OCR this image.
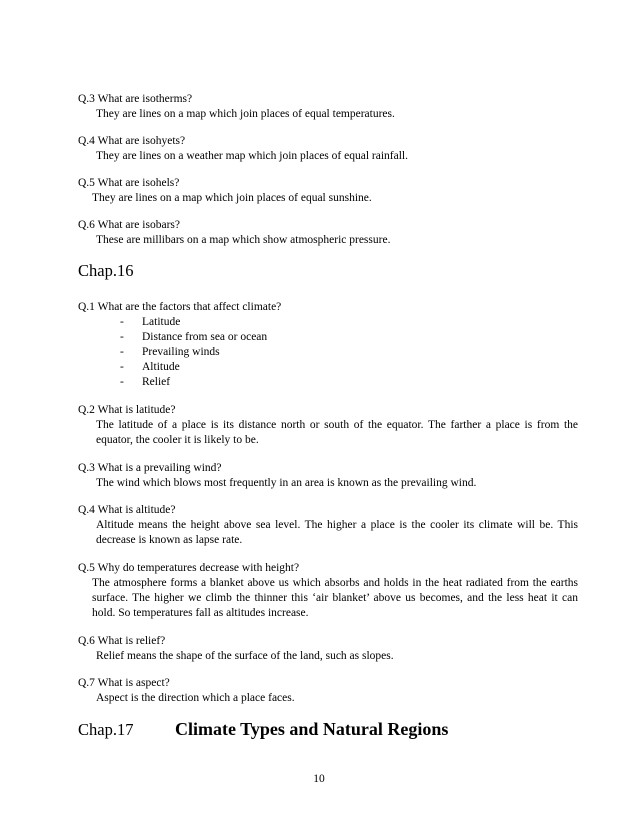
Q.3 What are isotherms?
They are lines on a map which join places of equal temperatures.
Q.4 What are isohyets?
They are lines on a weather map which join places of equal rainfall.
Q.5 What are isohels?
They are lines on a map which join places of equal sunshine.
Q.6 What are isobars?
These are millibars on a map which show atmospheric pressure.
Chap.16
Q.1 What are the factors that affect climate?
-	Latitude
-	Distance from sea or ocean
-	Prevailing winds
-	Altitude
-	Relief
Q.2 What is latitude?
The latitude of a place is its distance north or south of the equator. The farther a place is from the equator, the cooler it is likely to be.
Q.3 What is a prevailing wind?
The wind which blows most frequently in an area is known as the prevailing wind.
Q.4 What is altitude?
Altitude means the height above sea level. The higher a place is the cooler its climate will be. This decrease is known as lapse rate.
Q.5 Why do temperatures decrease with height?
The atmosphere forms a blanket above us which absorbs and holds in the heat radiated from the earths surface. The higher we climb the thinner this ‘air blanket’ above us becomes, and the less heat it can hold. So temperatures fall as altitudes increase.
Q.6 What is relief?
Relief means the shape of the surface of the land, such as slopes.
Q.7 What is aspect?
Aspect is the direction which a place faces.
Chap.17 Climate Types and Natural Regions
10
